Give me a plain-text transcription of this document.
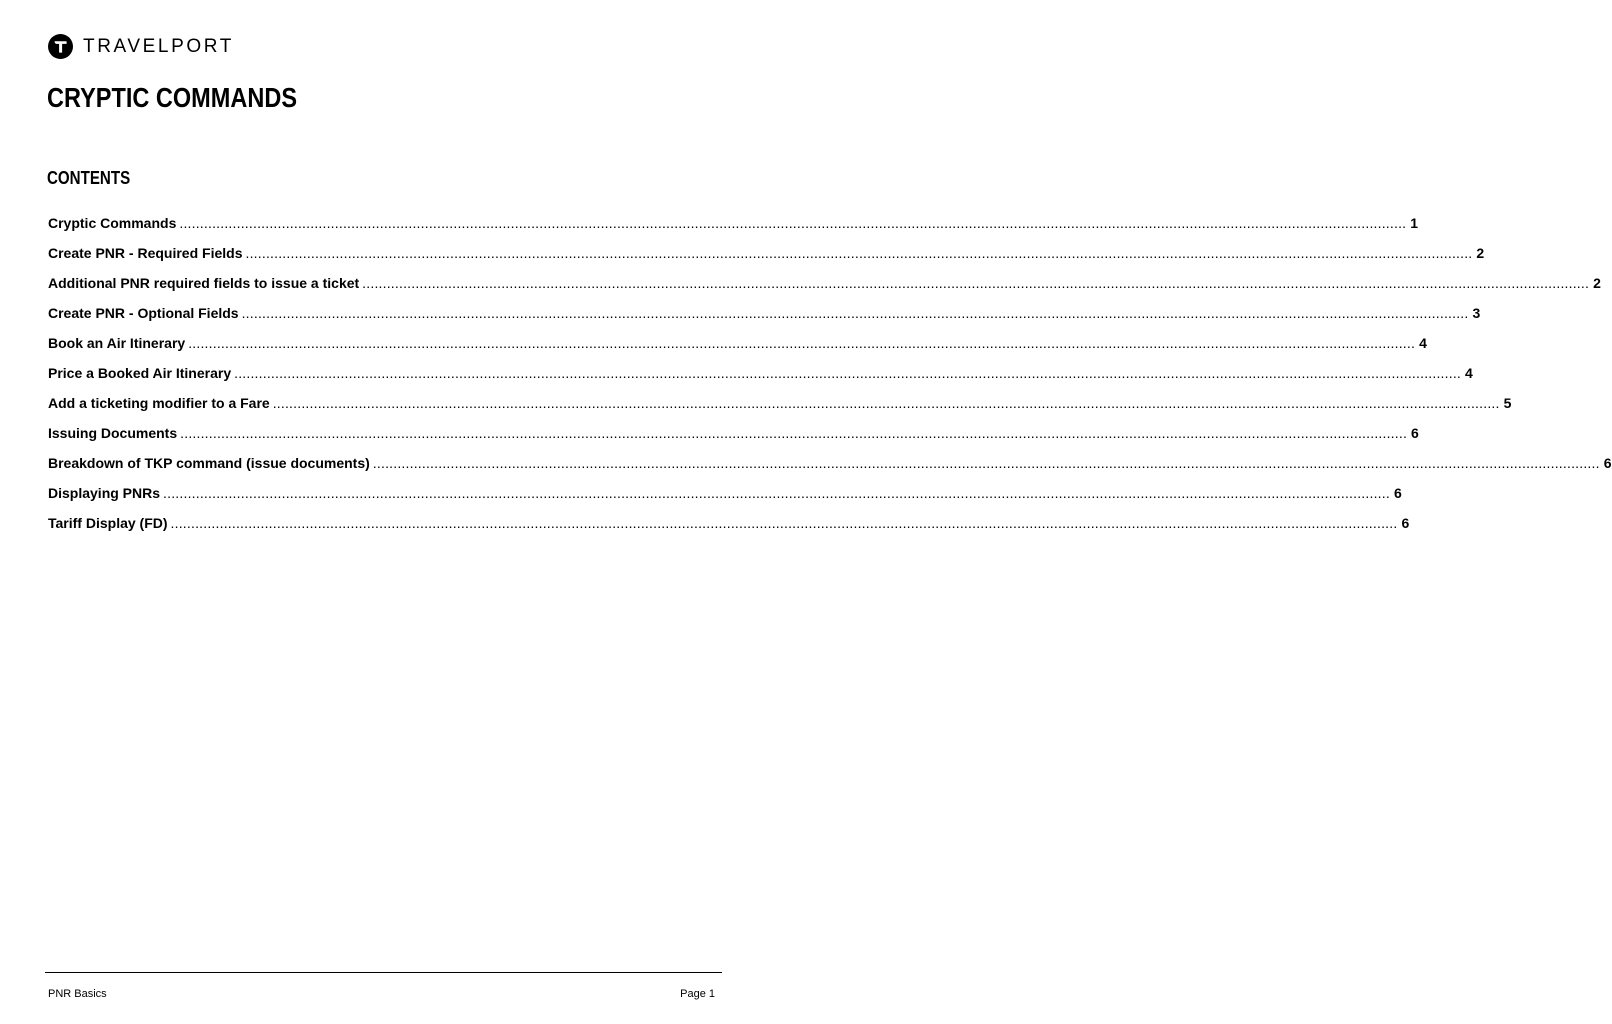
TRAVELPORT
CRYPTIC COMMANDS
CONTENTS
Cryptic Commands ............................................................................................................................................................................................................................................................................................................ 1
Create PNR - Required Fields ............................................................................................................................................................................................................................................................................................................ 2
Additional PNR required fields to issue a ticket ............................................................................................................................................................................................................................................................................................................ 2
Create PNR - Optional Fields ............................................................................................................................................................................................................................................................................................................ 3
Book an Air Itinerary ............................................................................................................................................................................................................................................................................................................ 4
Price a Booked Air Itinerary ............................................................................................................................................................................................................................................................................................................ 4
Add a ticketing modifier to a Fare ............................................................................................................................................................................................................................................................................................................ 5
Issuing Documents ............................................................................................................................................................................................................................................................................................................ 6
Breakdown of TKP command (issue documents) ............................................................................................................................................................................................................................................................................................................ 6
Displaying PNRs ............................................................................................................................................................................................................................................................................................................ 6
Tariff Display (FD) ............................................................................................................................................................................................................................................................................................................ 6
PNR Basics	Page 1
